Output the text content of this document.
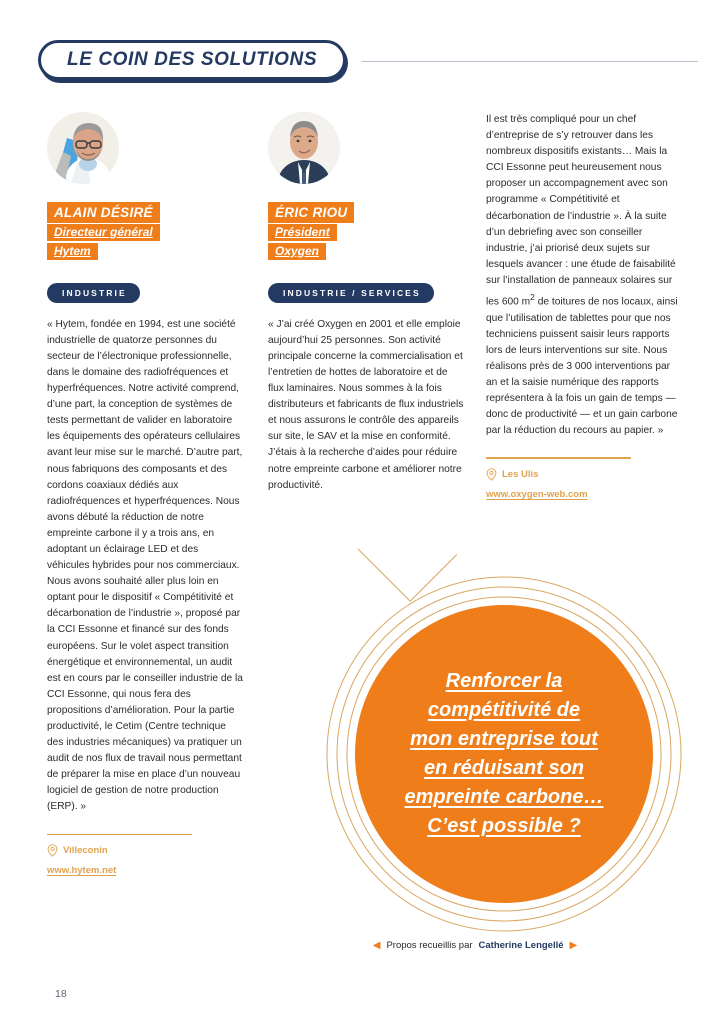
LE COIN DES SOLUTIONS
ALAIN DÉSIRÉ
Directeur général
Hytem
INDUSTRIE
« Hytem, fondée en 1994, est une société industrielle de quatorze personnes du secteur de l’électronique professionnelle, dans le domaine des radiofréquences et hyperfréquences. Notre activité comprend, d’une part, la conception de systèmes de tests permettant de valider en laboratoire les équipements des opérateurs cellulaires avant leur mise sur le marché. D’autre part, nous fabriquons des composants et des cordons coaxiaux dédiés aux radiofréquences et hyperfréquences. Nous avons débuté la réduction de notre empreinte carbone il y a trois ans, en adoptant un éclairage LED et des véhicules hybrides pour nos commerciaux. Nous avons souhaité aller plus loin en optant pour le dispositif « Compétitivité et décarbonation de l’industrie », proposé par la CCI Essonne et financé sur des fonds européens. Sur le volet aspect transition énergétique et environnemental, un audit est en cours par le conseiller industrie de la CCI Essonne, qui nous fera des propositions d’amélioration. Pour la partie productivité, le Cetim (Centre technique des industries mécaniques) va pratiquer un audit de nos flux de travail nous permettant de préparer la mise en place d’un nouveau logiciel de gestion de notre production (ERP). »
Villeconin
www.hytem.net
ÉRIC RIOU
Président
Oxygen
INDUSTRIE / SERVICES
« J’ai créé Oxygen en 2001 et elle emploie aujourd’hui 25 personnes. Son activité principale concerne la commercialisation et l’entretien de hottes de laboratoire et de flux laminaires. Nous sommes à la fois distributeurs et fabricants de flux industriels et nous assurons le contrôle des appareils sur site, le SAV et la mise en conformité. J’étais à la recherche d’aides pour réduire notre empreinte carbone et améliorer notre productivité.
Il est très compliqué pour un chef d’entreprise de s’y retrouver dans les nombreux dispositifs existants… Mais la CCI Essonne peut heureusement nous proposer un accompagnement avec son programme « Compétitivité et décarbonation de l’industrie ». À la suite d’un debriefing avec son conseiller industrie, j’ai priorisé deux sujets sur lesquels avancer : une étude de faisabilité sur l’installation de panneaux solaires sur les 600 $m^2$ de toitures de nos locaux, ainsi que l’utilisation de tablettes pour que nos techniciens puissent saisir leurs rapports lors de leurs interventions sur site. Nous réalisons près de 3 000 interventions par an et la saisie numérique des rapports représentera à la fois un gain de temps — donc de productivité — et un gain carbone par la réduction du recours au papier. »
Les Ulis
www.oxygen-web.com
Renforcer la
compétitivité de
mon entreprise tout
en réduisant son
empreinte carbone…
C’est possible ?
◀ Propos recueillis par Catherine Lengellé ▶
18
